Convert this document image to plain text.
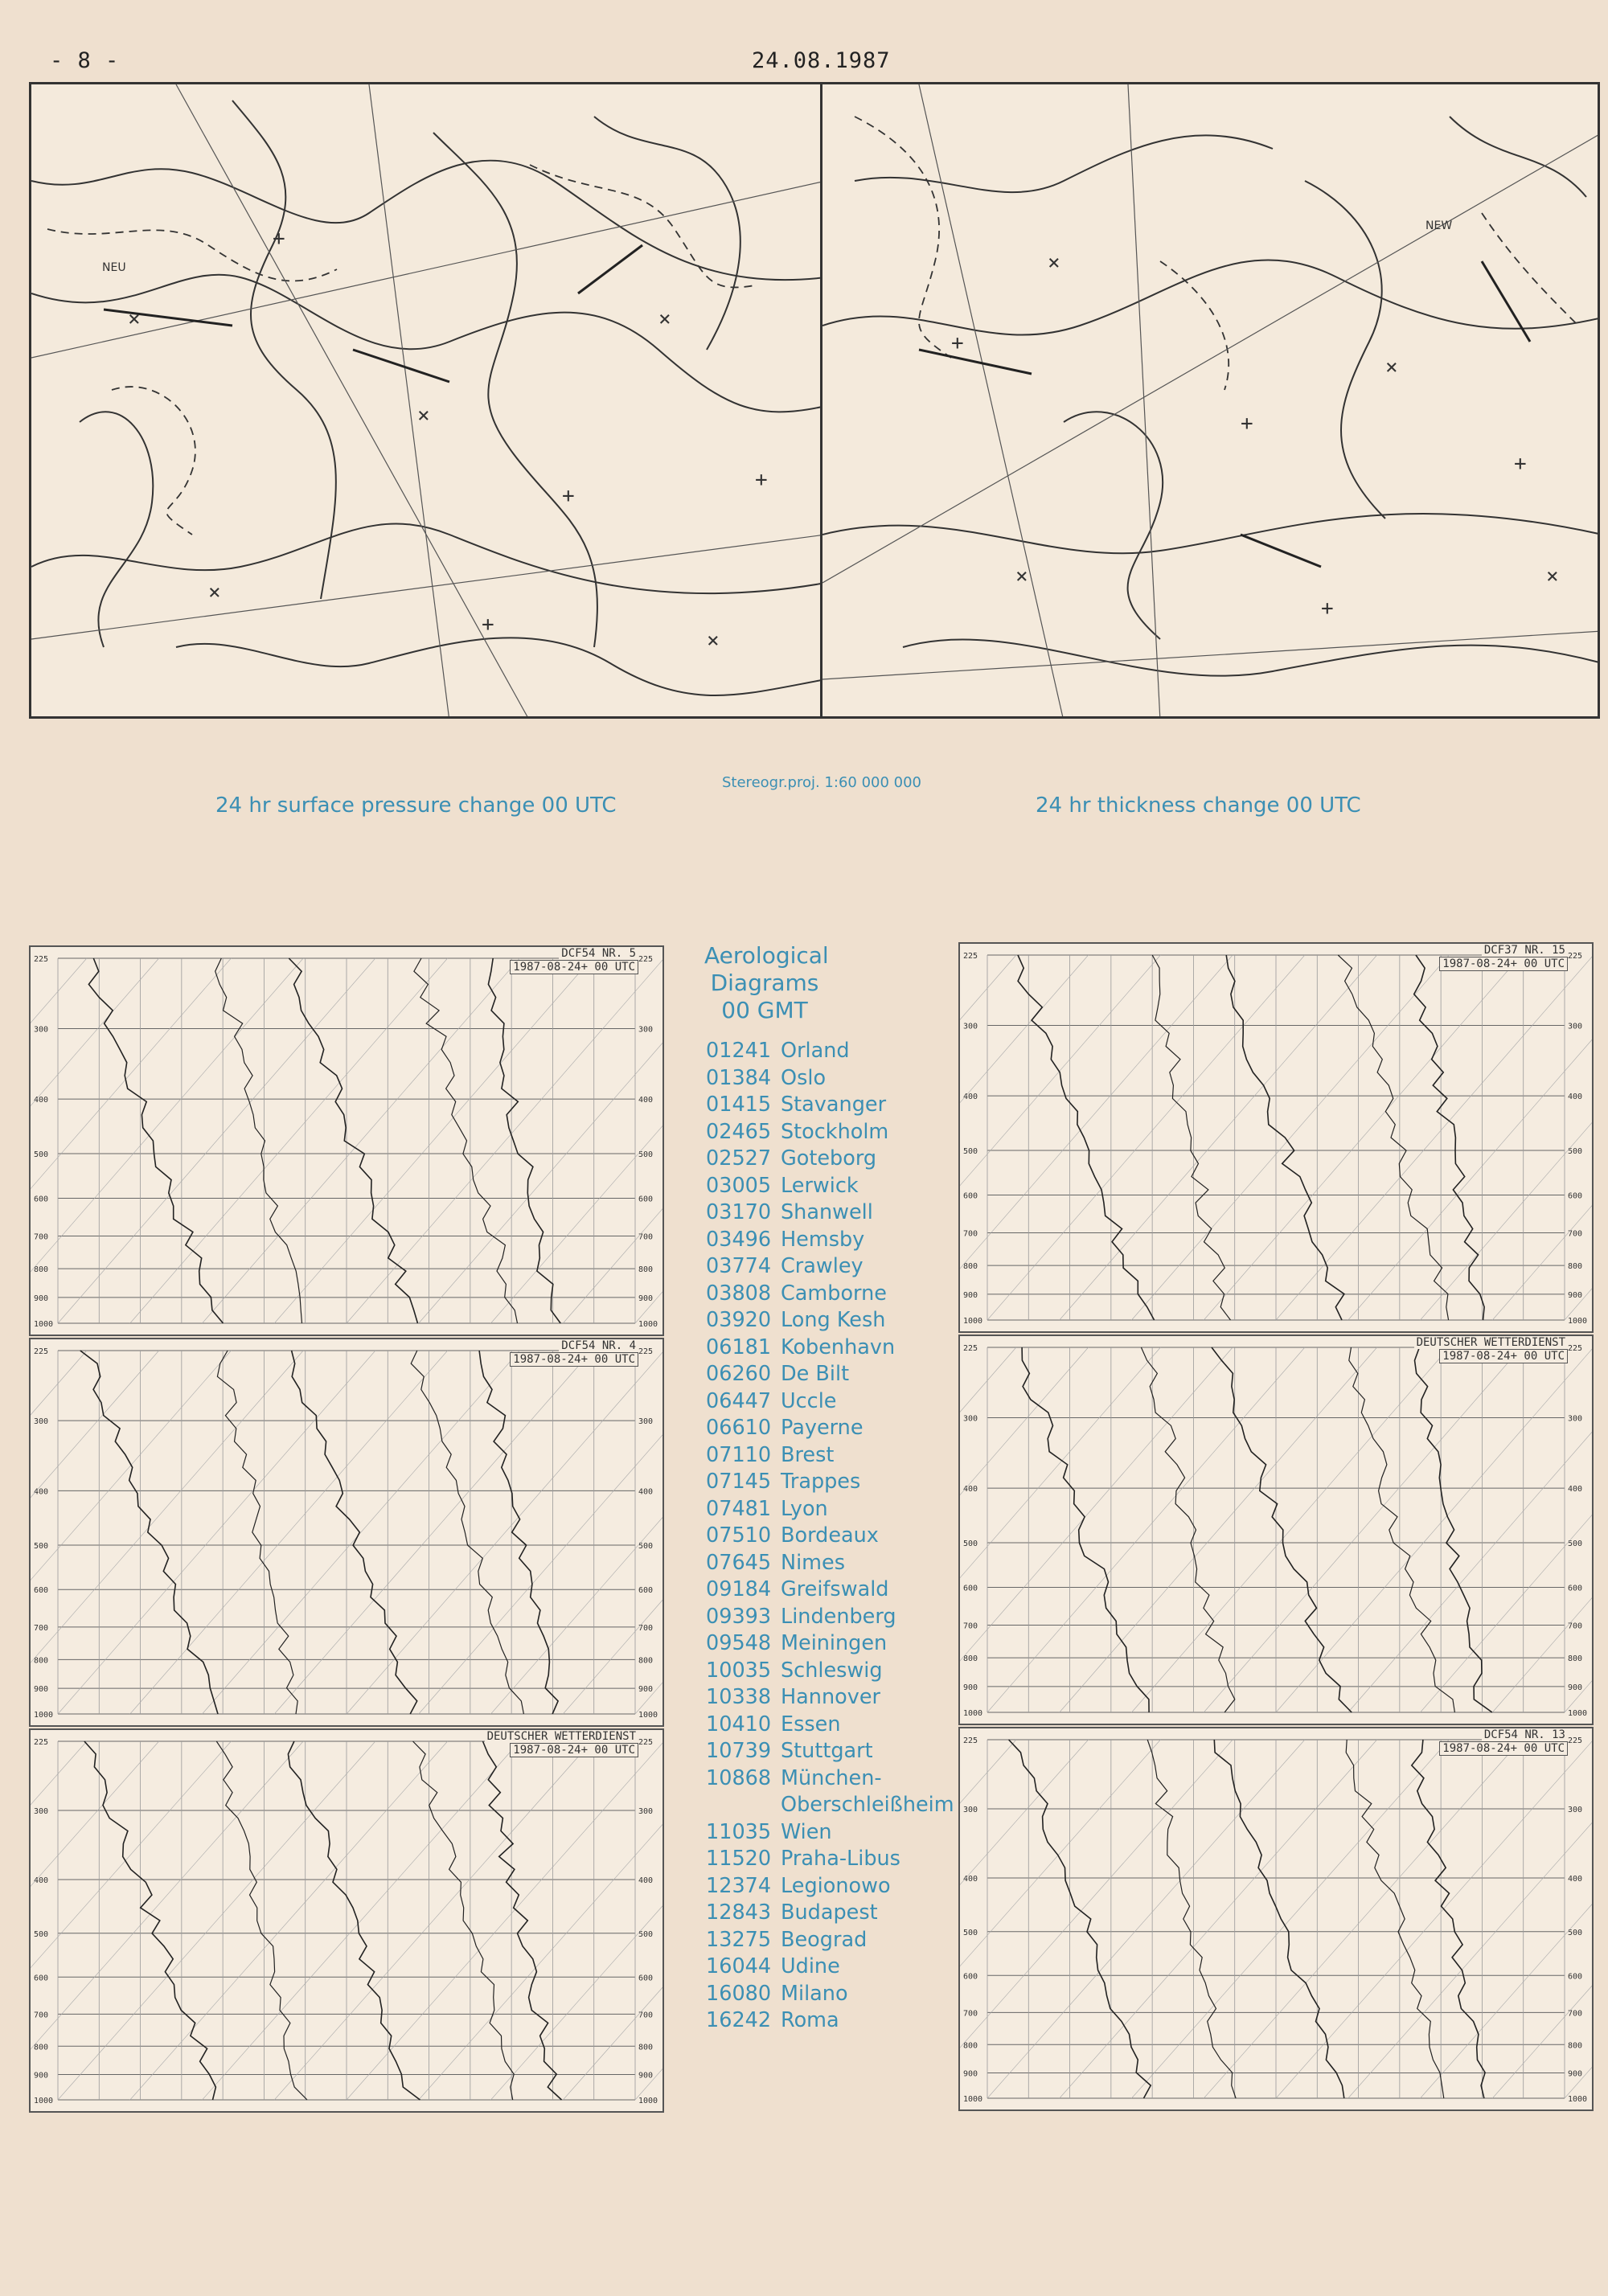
- 8 -	24.08.1987
×
+
×
+
×
+
×
+
×
NEU
+
×
+
×
+
×
+
×
NEW
Stereogr.proj. 1:60 000 000
24 hr surface pressure change 00 UTC	24 hr thickness change 00 UTC
Aerological
Diagrams
00 GMT
01241 Orland
01384 Oslo
01415 Stavanger
02465 Stockholm
02527 Goteborg
03005 Lerwick
03170 Shanwell
03496 Hemsby
03774 Crawley
03808 Camborne
03920 Long Kesh
06181 Kobenhavn
06260 De Bilt
06447 Uccle
06610 Payerne
07110 Brest
07145 Trappes
07481 Lyon
07510 Bordeaux
07645 Nimes
09184 Greifswald
09393 Lindenberg
09548 Meiningen
10035 Schleswig
10338 Hannover
10410 Essen
10739 Stuttgart
10868 München-
Oberschleißheim
11035 Wien
11520 Praha-Libus
12374 Legionowo
12843 Budapest
13275 Beograd
16044 Udine
16080 Milano
16242 Roma
225	225
300	300
400	400
500	500
600	600
700	700
800	800
900	900
1000	1000
DCF54 NR. 5
1987-08-24+ 00 UTC
225	225
300	300
400	400
500	500
600	600
700	700
800	800
900	900
1000	1000
DCF54 NR. 4
1987-08-24+ 00 UTC
225	225
300	300
400	400
500	500
600	600
700	700
800	800
900	900
1000	1000
DEUTSCHER WETTERDIENST
1987-08-24+ 00 UTC
225	225
300	300
400	400
500	500
600	600
700	700
800	800
900	900
1000	1000
DCF37 NR. 15
1987-08-24+ 00 UTC
225	225
300	300
400	400
500	500
600	600
700	700
800	800
900	900
1000	1000
DEUTSCHER WETTERDIENST
1987-08-24+ 00 UTC
225	225
300	300
400	400
500	500
600	600
700	700
800	800
900	900
1000	1000
DCF54 NR. 13
1987-08-24+ 00 UTC
